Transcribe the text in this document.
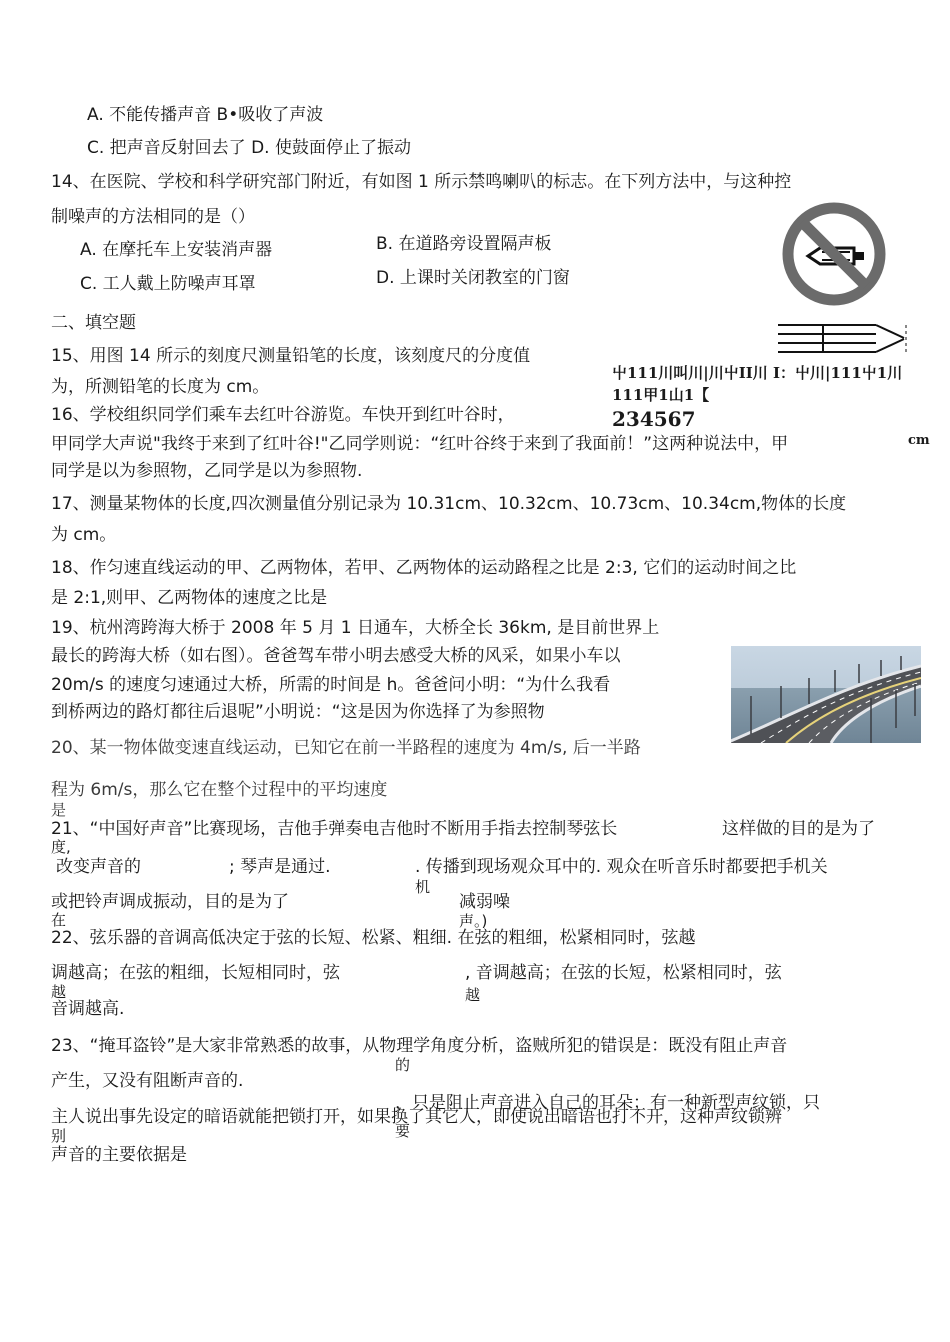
A. 不能传播声音 B•吸收了声波
C. 把声音反射回去了 D. 使鼓面停止了振动
14、在医院、学校和科学研究部门附近，有如图 1 所示禁鸣喇叭的标志。在下列方法中，与这种控
制噪声的方法相同的是（）
A. 在摩托车上安装消声器	B. 在道路旁设置隔声板
C. 工人戴上防噪声耳罩	D. 上课时关闭教室的门窗
二、填空题
15、用图 14 所示的刻度尺测量铅笔的长度，该刻度尺的分度值
为，所测铅笔的长度为 cm。
屮111川叫川|川屮II川 I：屮川|111屮1川
111甲1山1【
234567
cm
16、学校组织同学们乘车去红叶谷游览。车快开到红叶谷时，
甲同学大声说"我终于来到了红叶谷!"乙同学则说：“红叶谷终于来到了我面前！”这两种说法中，甲
同学是以为参照物，乙同学是以为参照物.
17、测量某物体的长度,四次测量值分别记录为 10.31cm、10.32cm、10.73cm、10.34cm,物体的长度
为 cm。
18、作匀速直线运动的甲、乙两物体，若甲、乙两物体的运动路程之比是 2:3, 它们的运动时间之比
是 2:1,则甲、乙两物体的速度之比是
19、杭州湾跨海大桥于 2008 年 5 月 1 日通车，大桥全长 36km, 是目前世界上
最长的跨海大桥（如右图）。爸爸驾车带小明去感受大桥的风采，如果小车以
20m/s 的速度匀速通过大桥，所需的时间是 h。爸爸问小明：“为什么我看
到桥两边的路灯都往后退呢”小明说：“这是因为你选择了为参照物
20、某一物体做变速直线运动，已知它在前一半路程的速度为 4m/s, 后一半路
程为 6m/s，那么它在整个过程中的平均速度
是
21、“中国好声音”比赛现场，吉他手弹奏电吉他时不断用手指去控制琴弦长	这样做的目的是为了
度,
改变声音的	; 琴声是通过.	. 传播到现场观众耳中的. 观众在听音乐时都要把手机关
机
或把铃声调成振动，目的是为了	减弱噪
在	声。)
22、弦乐器的音调高低决定于弦的长短、松紧、粗细. 在弦的粗细，松紧相同时，弦越
调越高；在弦的粗细，长短相同时，弦
越
, 音调越高；在弦的长短，松紧相同时，弦
越
音调越高.
23、“掩耳盗铃”是大家非常熟悉的故事，从物理学角度分析，盗贼所犯的错误是：既没有阻止声音
的
产生，又没有阻断声音的.
，只是阻止声音进入自己的耳朵；有一种新型声纹锁，只
主人说出事先设定的暗语就能把锁打开，如果换了其它人，即使说出暗语也打不开，这种声纹锁辨
要
别
声音的主要依据是
